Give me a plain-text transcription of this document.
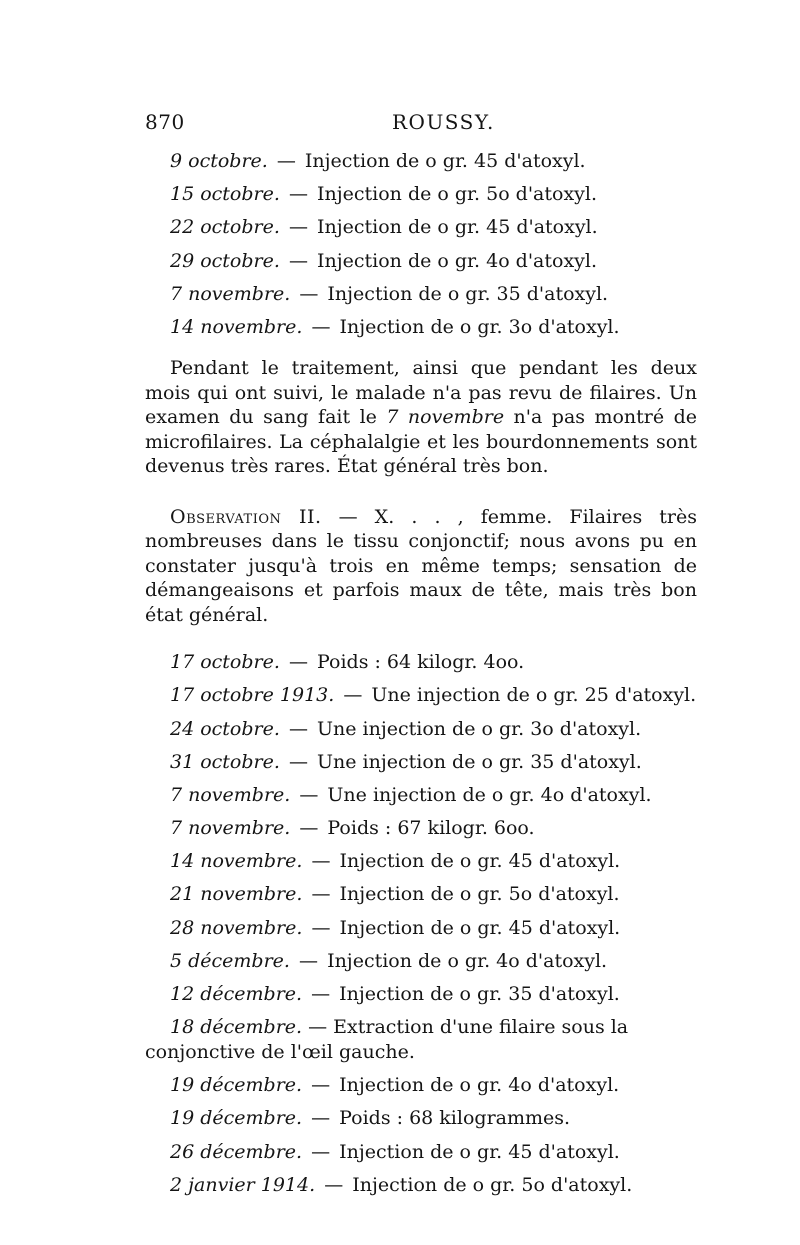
870	ROUSSY.
9 octobre. — Injection de o gr. 45 d'atoxyl.
15 octobre. — Injection de o gr. 5o d'atoxyl.
22 octobre. — Injection de o gr. 45 d'atoxyl.
29 octobre. — Injection de o gr. 4o d'atoxyl.
7 novembre. — Injection de o gr. 35 d'atoxyl.
14 novembre. — Injection de o gr. 3o d'atoxyl.

Pendant le traitement, ainsi que pendant les deux mois qui ont suivi, le malade n'a pas revu de filaires. Un examen du sang fait le 7 novembre n'a pas montré de microfilaires. La céphalalgie et les bourdonnements sont devenus très rares. État général très bon.

Observation II. — X. . . , femme. Filaires très nombreuses dans le tissu conjonctif; nous avons pu en constater jusqu'à trois en même temps; sensation de démangeaisons et parfois maux de tête, mais très bon état général.

17 octobre. — Poids : 64 kilogr. 4oo.
17 octobre 1913. — Une injection de o gr. 25 d'atoxyl.
24 octobre. — Une injection de o gr. 3o d'atoxyl.
31 octobre. — Une injection de o gr. 35 d'atoxyl.
7 novembre. — Une injection de o gr. 4o d'atoxyl.
7 novembre. — Poids : 67 kilogr. 6oo.
14 novembre. — Injection de o gr. 45 d'atoxyl.
21 novembre. — Injection de o gr. 5o d'atoxyl.
28 novembre. — Injection de o gr. 45 d'atoxyl.
5 décembre. — Injection de o gr. 4o d'atoxyl.
12 décembre. — Injection de o gr. 35 d'atoxyl.

18 décembre. — Extraction d'une filaire sous la conjonctive de l'œil gauche.

19 décembre. — Injection de o gr. 4o d'atoxyl.
19 décembre. — Poids : 68 kilogrammes.
26 décembre. — Injection de o gr. 45 d'atoxyl.
2 janvier 1914. — Injection de o gr. 5o d'atoxyl.
